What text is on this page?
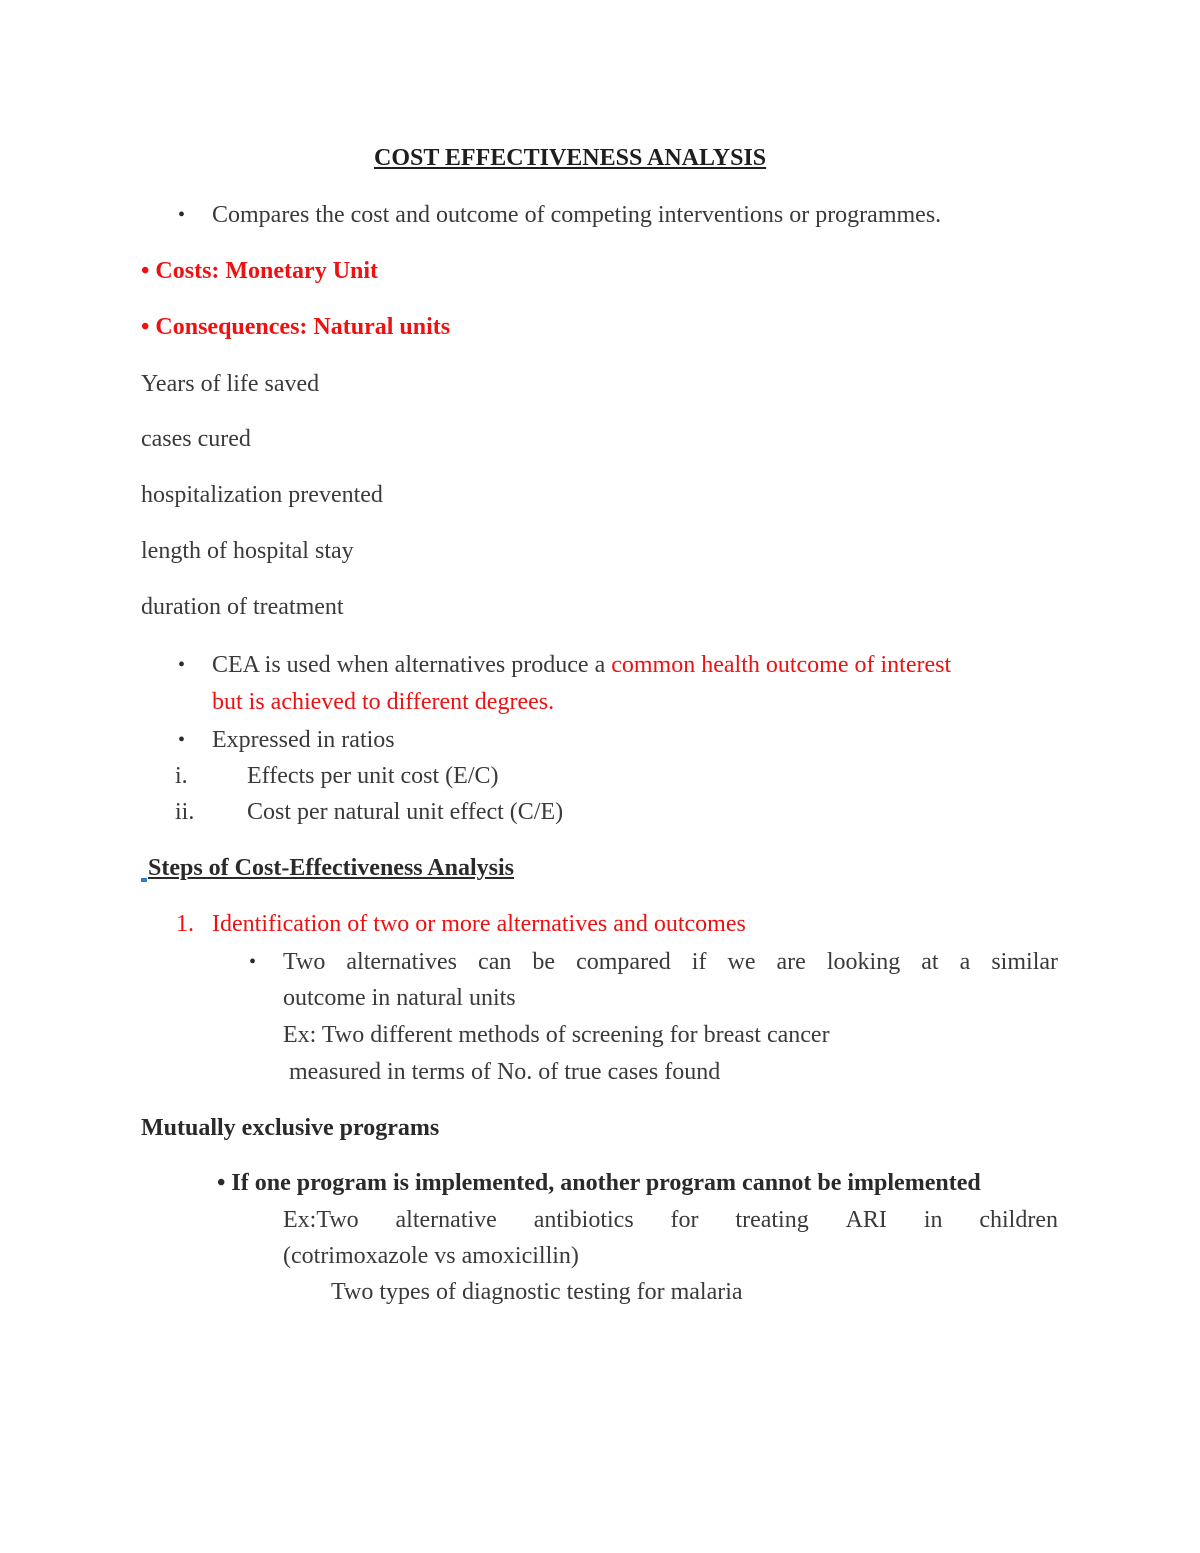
COST EFFECTIVENESS ANALYSIS
• Compares the cost and outcome of competing interventions or programmes.
• Costs: Monetary Unit
• Consequences: Natural units
Years of life saved
cases cured
hospitalization prevented
length of hospital stay
duration of treatment
• CEA is used when alternatives produce a common health outcome of interest
but is achieved to different degrees.
• Expressed in ratios
i. Effects per unit cost (E/C)
ii. Cost per natural unit effect (C/E)
Steps of Cost-Effectiveness Analysis
1. Identification of two or more alternatives and outcomes
• Two alternatives can be compared if we are looking at a similar
outcome in natural units
Ex: Two different methods of screening for breast cancer
measured in terms of No. of true cases found
Mutually exclusive programs
• If one program is implemented, another program cannot be implemented
Ex:Two alternative antibiotics for treating ARI in children
(cotrimoxazole vs amoxicillin)
Two types of diagnostic testing for malaria
